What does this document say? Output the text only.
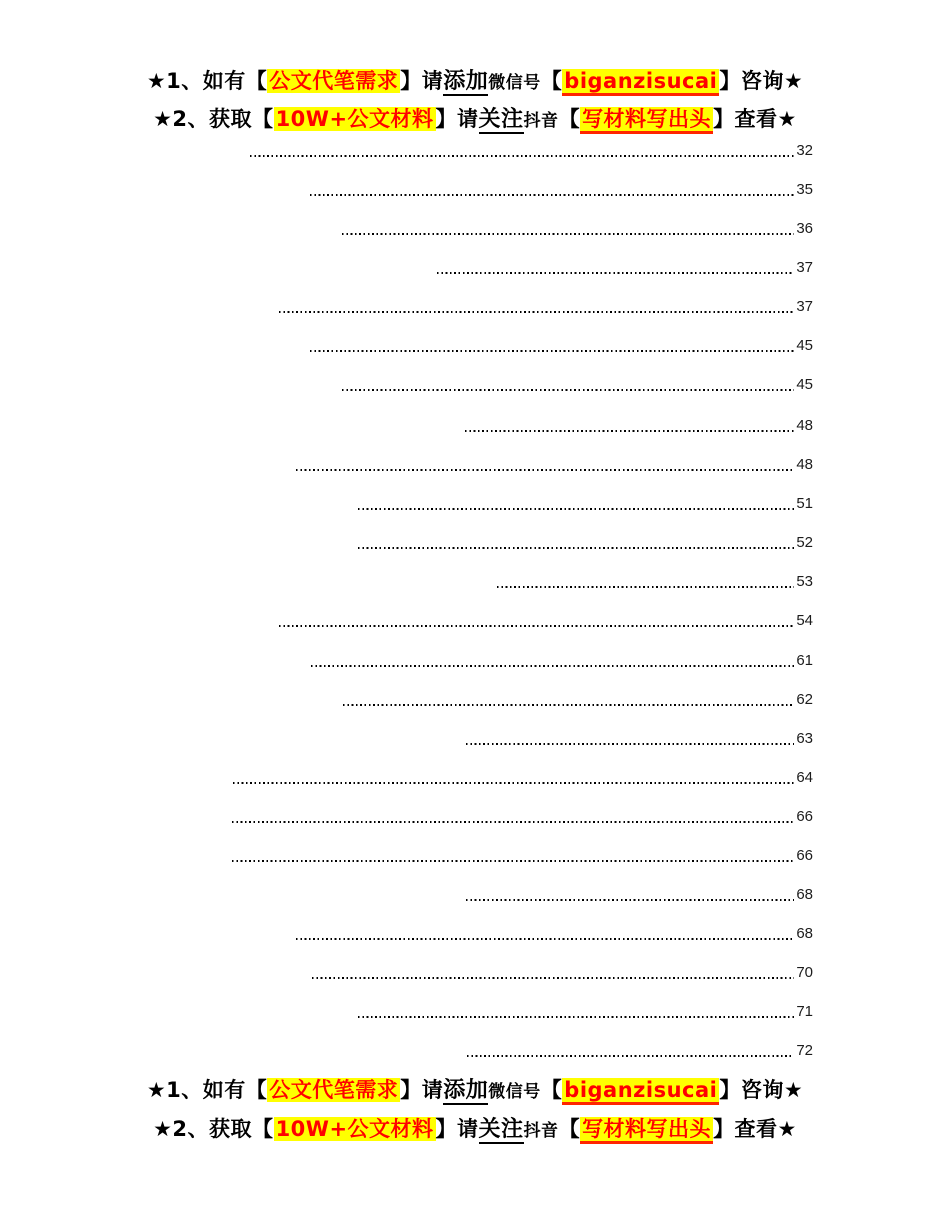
★1、如有【公文代笔需求】请添加微信号【biganzisucai】咨询★
★2、获取【10W+公文材料】请关注抖音【写材料写出头】查看★
32
35
36
37
37
45
45
48
48
51
52
53
54
61
62
63
64
66
66
68
68
70
71
72
★1、如有【公文代笔需求】请添加微信号【biganzisucai】咨询★
★2、获取【10W+公文材料】请关注抖音【写材料写出头】查看★
